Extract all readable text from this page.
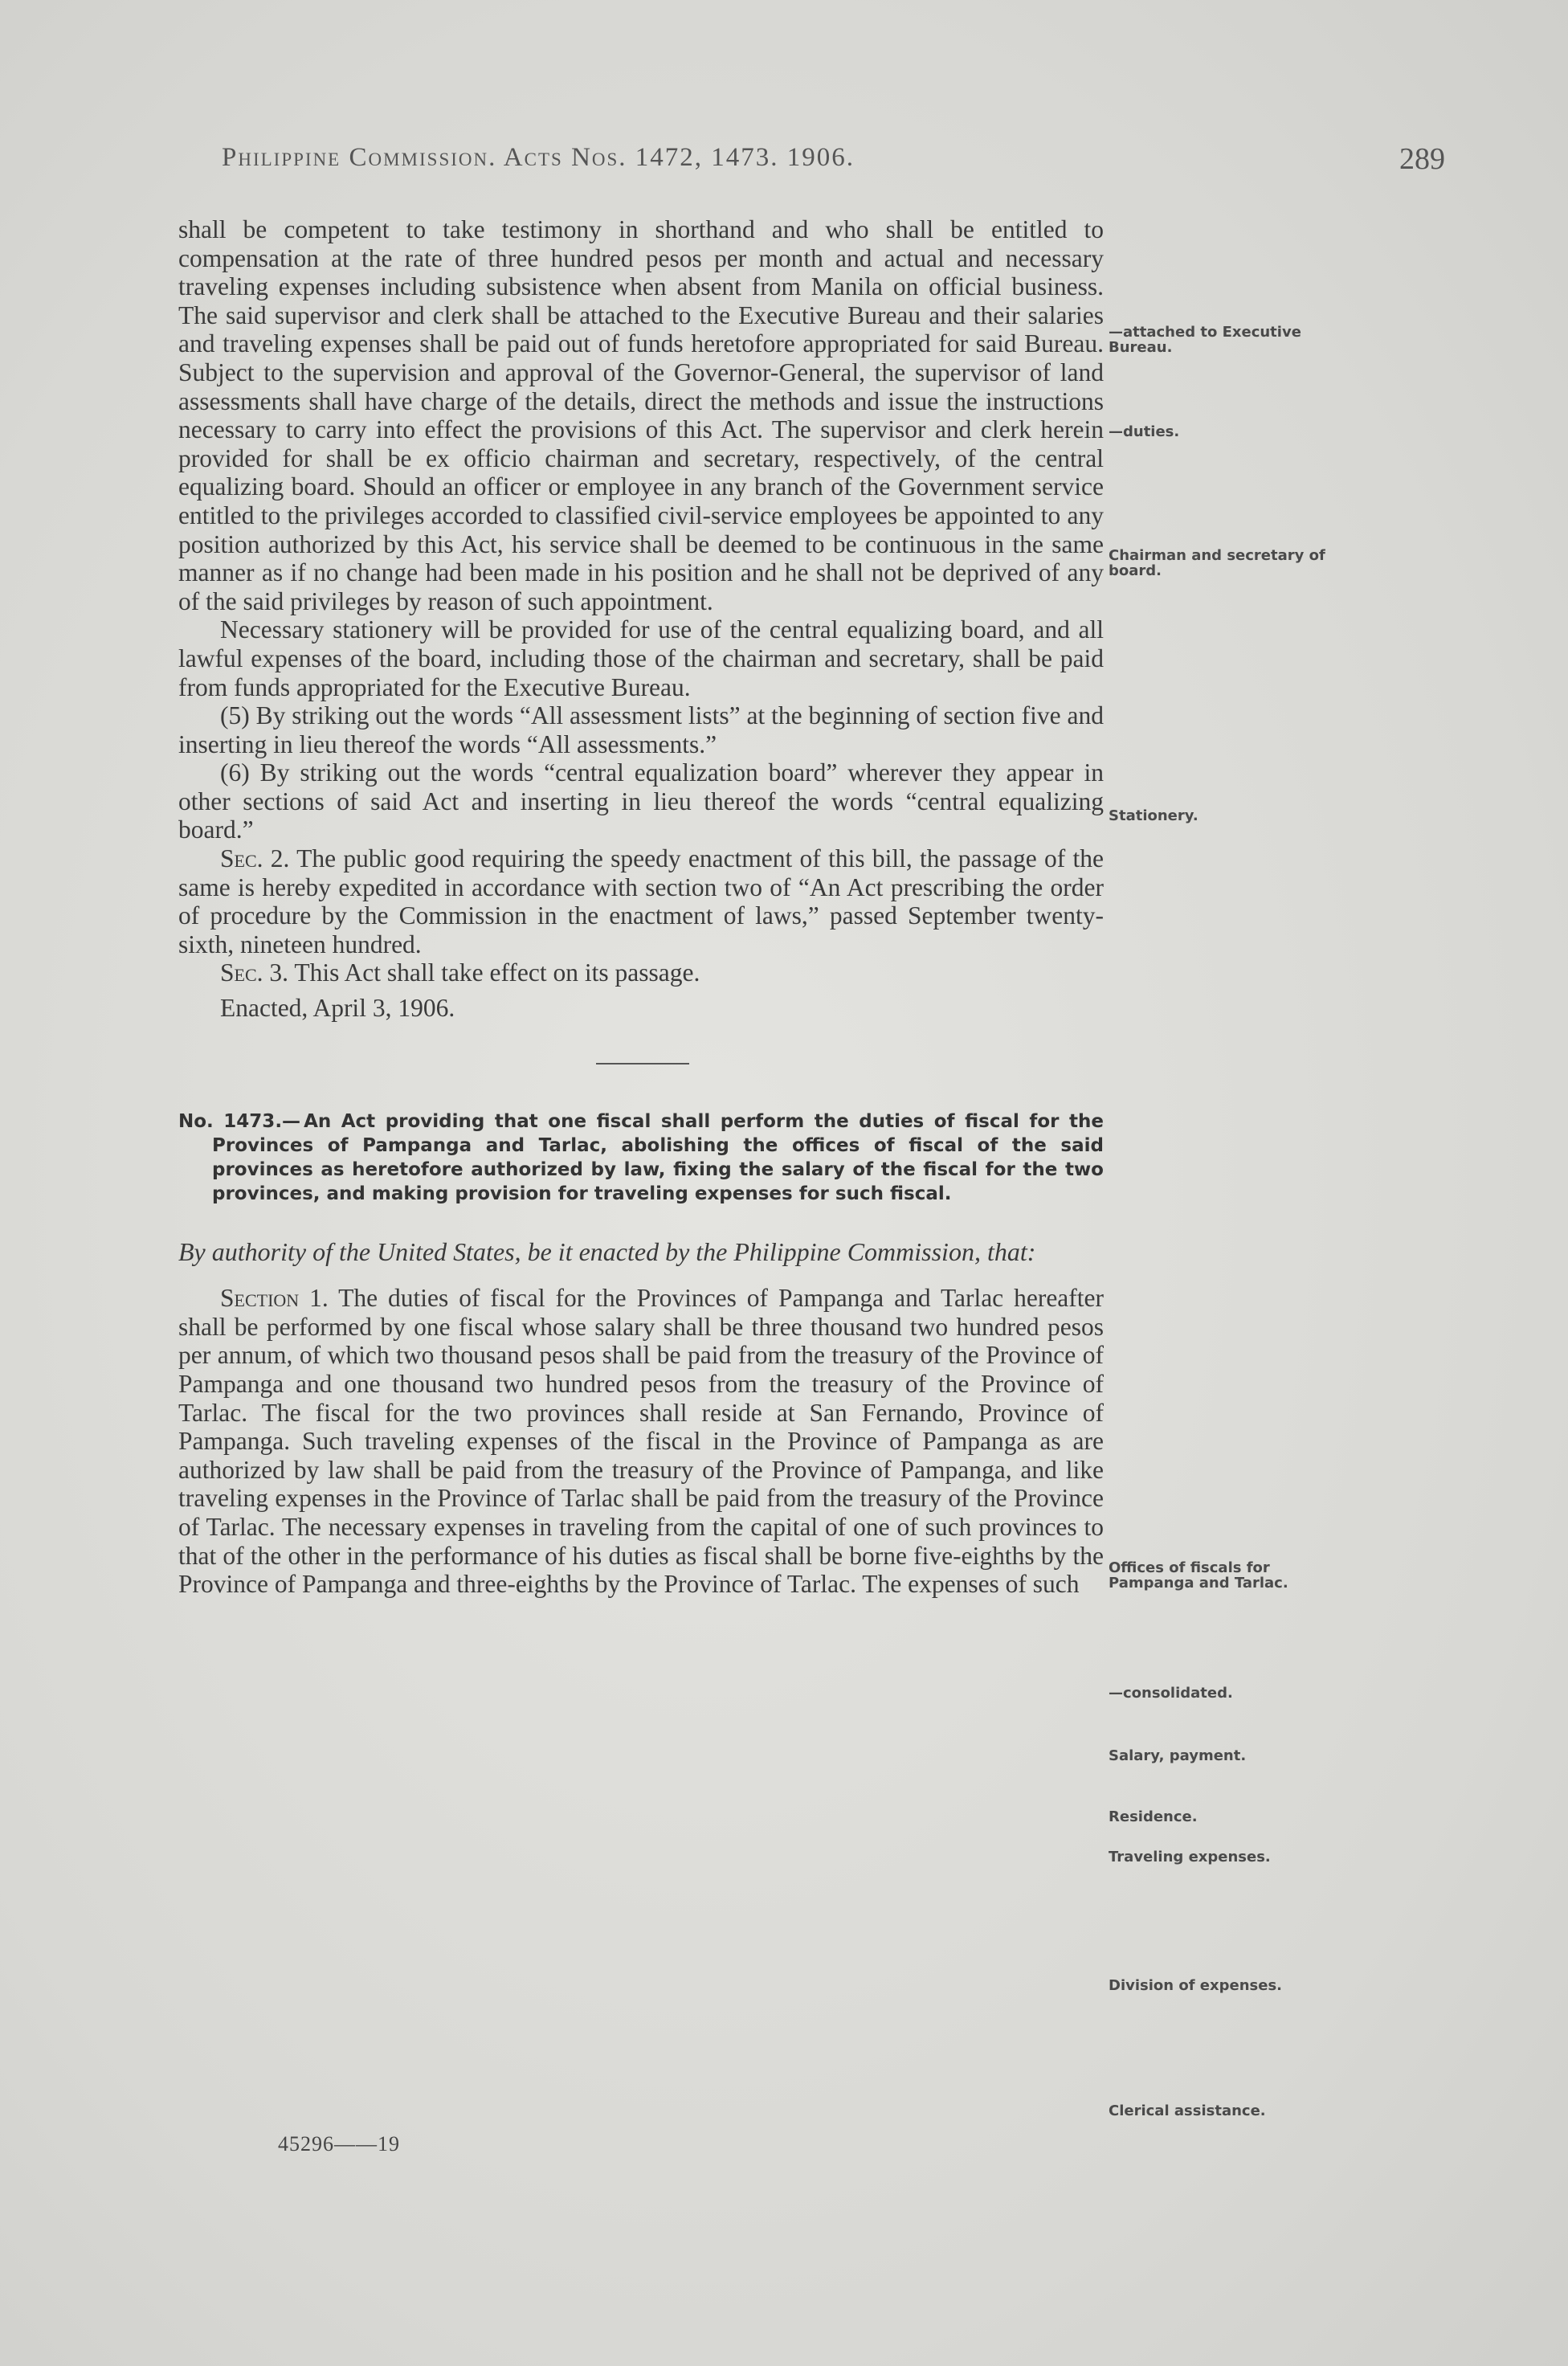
Philippine Commission. Acts Nos. 1472, 1473. 1906.	289

shall be competent to take testimony in shorthand and who shall be entitled to compensation at the rate of three hundred pesos per month and actual and necessary traveling expenses including subsistence when absent from Manila on official business. The said supervisor and clerk shall be attached to the Executive Bureau and their salaries and traveling expenses shall be paid out of funds heretofore appropriated for said Bureau. Subject to the supervision and approval of the Governor-General, the supervisor of land assessments shall have charge of the details, direct the methods and issue the instructions necessary to carry into effect the provisions of this Act. The supervisor and clerk herein provided for shall be ex officio chairman and secretary, respectively, of the central equalizing board. Should an officer or employee in any branch of the Government service entitled to the privileges accorded to classified civil-service employees be appointed to any position authorized by this Act, his service shall be deemed to be continuous in the same manner as if no change had been made in his position and he shall not be deprived of any of the said privileges by reason of such appointment.

Necessary stationery will be provided for use of the central equalizing board, and all lawful expenses of the board, including those of the chairman and secretary, shall be paid from funds appropriated for the Executive Bureau.

(5) By striking out the words “All assessment lists” at the beginning of section five and inserting in lieu thereof the words “All assessments.”

(6) By striking out the words “central equalization board” wherever they appear in other sections of said Act and inserting in lieu thereof the words “central equalizing board.”

Sec. 2. The public good requiring the speedy enactment of this bill, the passage of the same is hereby expedited in accordance with section two of “An Act prescribing the order of procedure by the Commission in the enactment of laws,” passed September twenty-sixth, nineteen hundred.

Sec. 3. This Act shall take effect on its passage.

Enacted, April 3, 1906.

No. 1473.— An Act providing that one fiscal shall perform the duties of fiscal for the Provinces of Pampanga and Tarlac, abolishing the offices of fiscal of the said provinces as heretofore authorized by law, fixing the salary of the fiscal for the two provinces, and making provision for traveling expenses for such fiscal.

By authority of the United States, be it enacted by the Philippine Commission, that:

Section 1. The duties of fiscal for the Provinces of Pampanga and Tarlac hereafter shall be performed by one fiscal whose salary shall be three thousand two hundred pesos per annum, of which two thousand pesos shall be paid from the treasury of the Province of Pampanga and one thousand two hundred pesos from the treasury of the Province of Tarlac. The fiscal for the two provinces shall reside at San Fernando, Province of Pampanga. Such traveling expenses of the fiscal in the Province of Pampanga as are authorized by law shall be paid from the treasury of the Province of Pampanga, and like traveling expenses in the Province of Tarlac shall be paid from the treasury of the Province of Tarlac. The necessary expenses in traveling from the capital of one of such provinces to that of the other in the performance of his duties as fiscal shall be borne five-eighths by the Province of Pampanga and three-eighths by the Province of Tarlac. The expenses of such

—attached to Executive Bureau.
—duties.
Chairman and secretary of board.
Stationery.
Offices of fiscals for Pampanga and Tarlac.
—consolidated.
Salary, payment.
Residence.
Traveling expenses.
Division of expenses.
Clerical assistance.
45296——19
